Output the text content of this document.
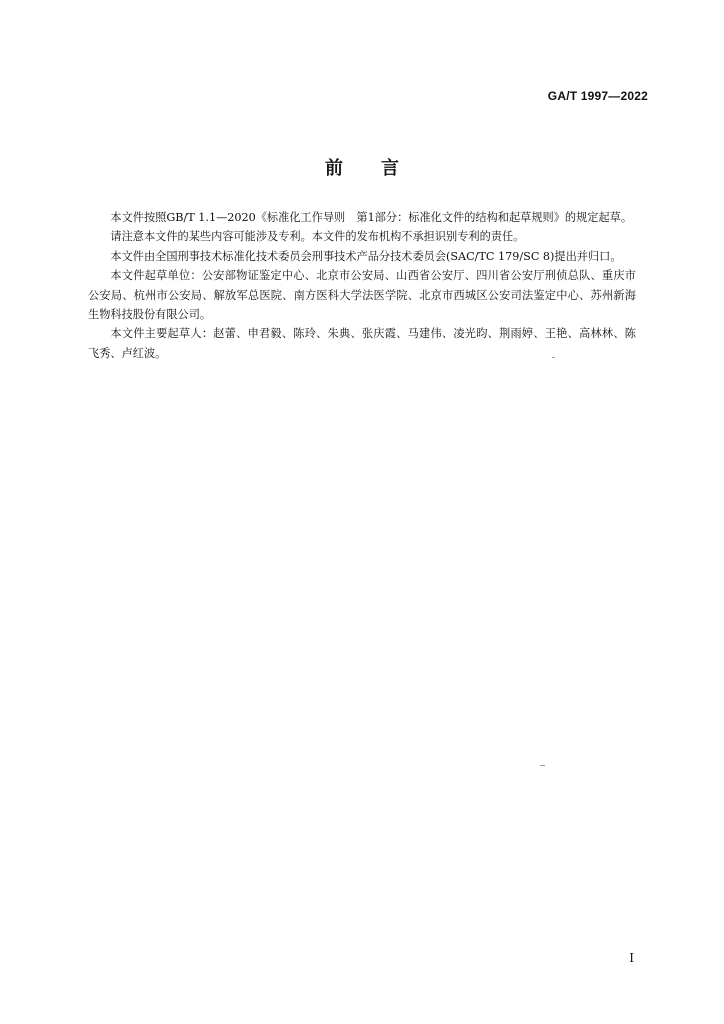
GA/T 1997—2022
前言

本文件按照GB/T 1.1—2020《标准化工作导则　第1部分：标准化文件的结构和起草规则》的规定起草。

请注意本文件的某些内容可能涉及专利。本文件的发布机构不承担识别专利的责任。

本文件由全国刑事技术标准化技术委员会刑事技术产品分技术委员会(SAC/TC 179/SC 8)提出并归口。

本文件起草单位：公安部物证鉴定中心、北京市公安局、山西省公安厅、四川省公安厅刑侦总队、重庆市公安局、杭州市公安局、解放军总医院、南方医科大学法医学院、北京市西城区公安司法鉴定中心、苏州新海生物科技股份有限公司。

本文件主要起草人：赵蕾、申君毅、陈玲、朱典、张庆霞、马建伟、凌光昀、荆雨婷、王艳、高林林、陈飞秀、卢红波。

I
